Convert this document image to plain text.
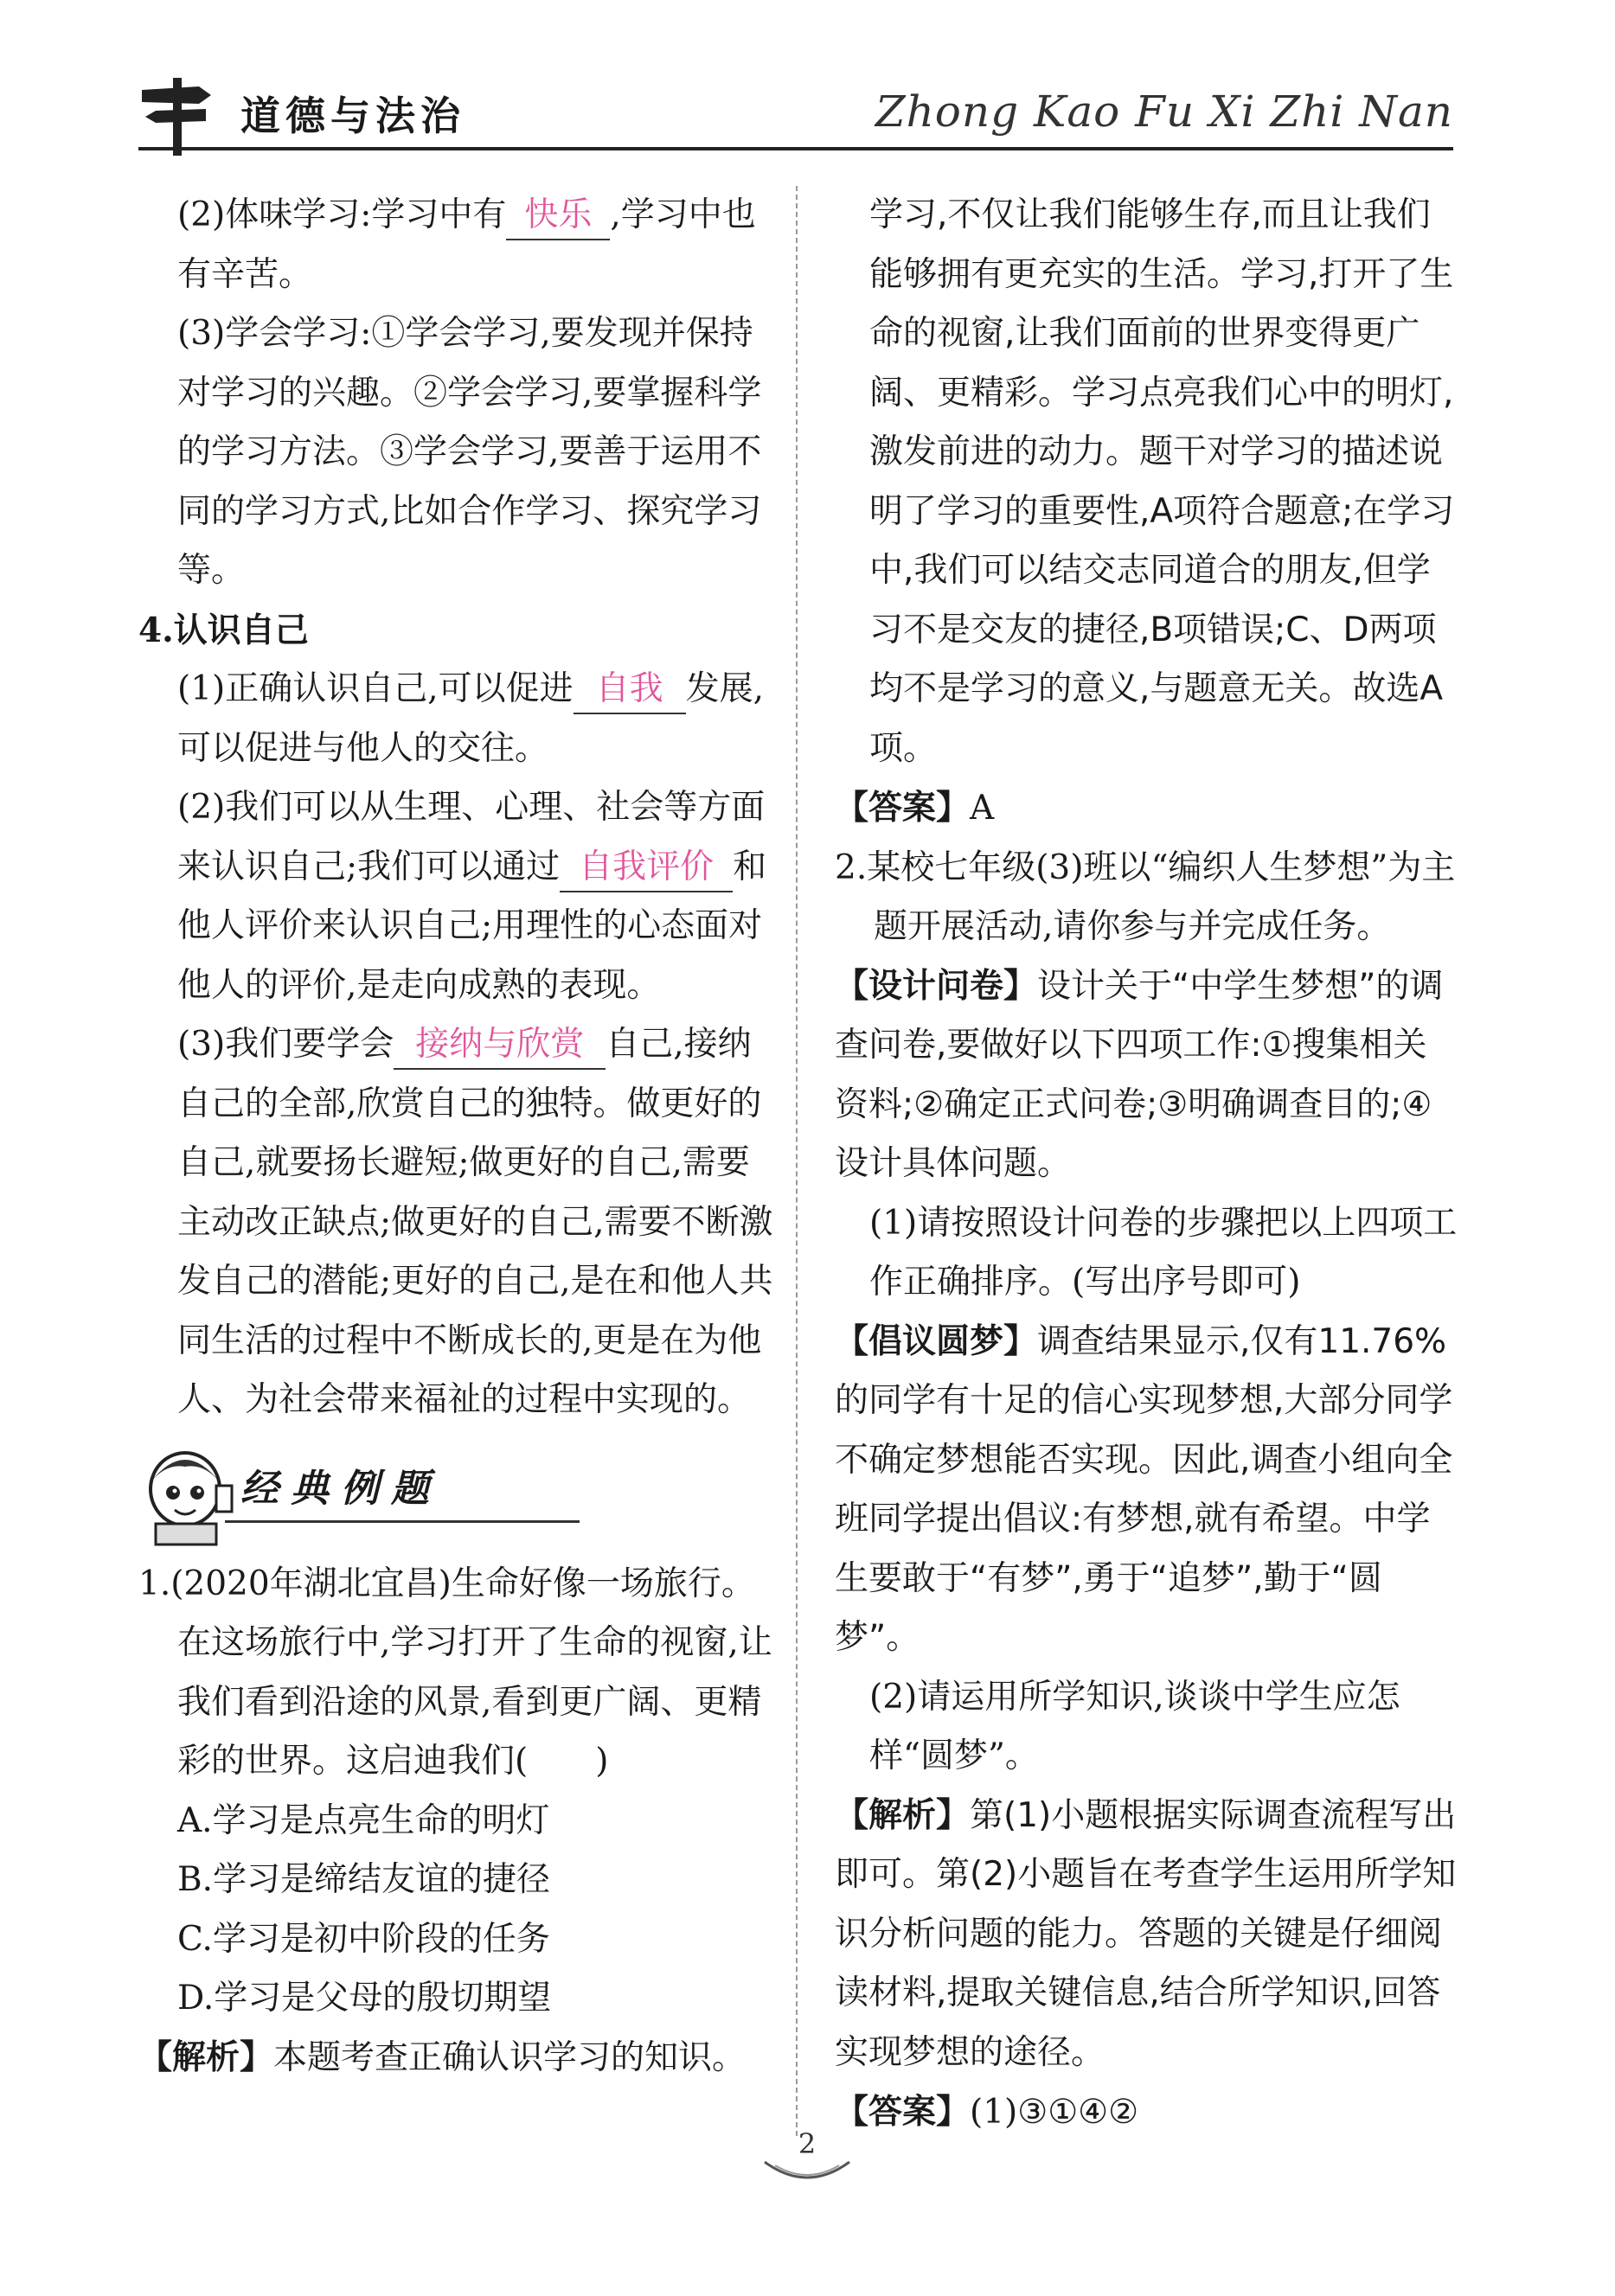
道德与法治	Zhong Kao Fu Xi Zhi Nan

(2)体味学习:学习中有 快乐 ,学习中也有辛苦。

(3)学会学习:①学会学习,要发现并保持对学习的兴趣。②学会学习,要掌握科学的学习方法。③学会学习,要善于运用不同的学习方式,比如合作学习、探究学习等。

4.认识自己

(1)正确认识自己,可以促进 自我 发展,可以促进与他人的交往。

(2)我们可以从生理、心理、社会等方面来认识自己;我们可以通过 自我评价 和他人评价来认识自己;用理性的心态面对他人的评价,是走向成熟的表现。

(3)我们要学会 接纳与欣赏 自己,接纳自己的全部,欣赏自己的独特。做更好的自己,就要扬长避短;做更好的自己,需要主动改正缺点;做更好的自己,需要不断激发自己的潜能;更好的自己,是在和他人共同生活的过程中不断成长的,更是在为他人、为社会带来福祉的过程中实现的。

经典例题

1.(2020年湖北宜昌)生命好像一场旅行。在这场旅行中,学习打开了生命的视窗,让我们看到沿途的风景,看到更广阔、更精彩的世界。这启迪我们(　　)

A.学习是点亮生命的明灯

B.学习是缔结友谊的捷径

C.学习是初中阶段的任务

D.学习是父母的殷切期望

【解析】本题考查正确认识学习的知识。

学习,不仅让我们能够生存,而且让我们能够拥有更充实的生活。学习,打开了生命的视窗,让我们面前的世界变得更广阔、更精彩。学习点亮我们心中的明灯,激发前进的动力。题干对学习的描述说明了学习的重要性,A项符合题意;在学习中,我们可以结交志同道合的朋友,但学习不是交友的捷径,B项错误;C、D两项均不是学习的意义,与题意无关。故选A项。

【答案】A

2.某校七年级(3)班以“编织人生梦想”为主题开展活动,请你参与并完成任务。

【设计问卷】设计关于“中学生梦想”的调查问卷,要做好以下四项工作:①搜集相关资料;②确定正式问卷;③明确调查目的;④设计具体问题。

(1)请按照设计问卷的步骤把以上四项工作正确排序。(写出序号即可)

【倡议圆梦】调查结果显示,仅有11.76%的同学有十足的信心实现梦想,大部分同学不确定梦想能否实现。因此,调查小组向全班同学提出倡议:有梦想,就有希望。中学生要敢于“有梦”,勇于“追梦”,勤于“圆梦”。

(2)请运用所学知识,谈谈中学生应怎样“圆梦”。

【解析】第(1)小题根据实际调查流程写出即可。第(2)小题旨在考查学生运用所学知识分析问题的能力。答题的关键是仔细阅读材料,提取关键信息,结合所学知识,回答实现梦想的途径。

【答案】(1)③①④②

2
